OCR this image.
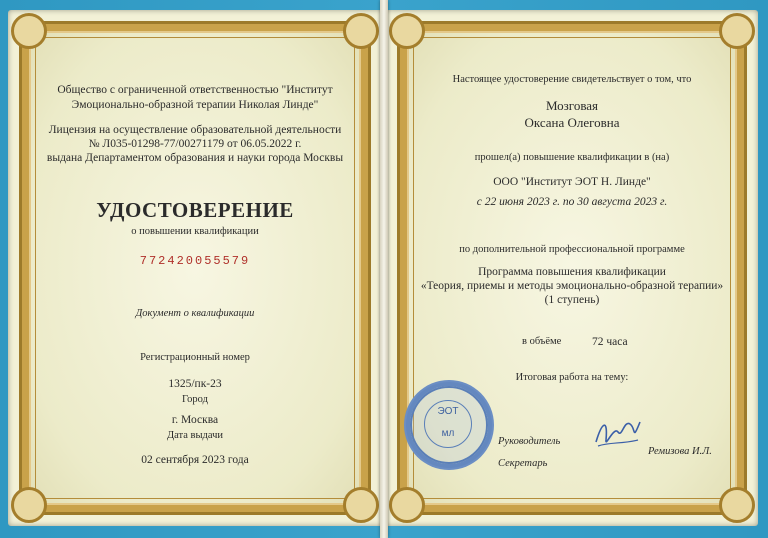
Общество с ограниченной ответственностью "Институт
Эмоционально-образной терапии Николая Линде"
Лицензия на осуществление образовательной деятельности
№ Л035-01298-77/00271179 от 06.05.2022 г.
выдана Департаментом образования и науки города Москвы
УДОСТОВЕРЕНИЕ
о повышении квалификации
772420055579
Документ о квалификации
Регистрационный номер
1325/пк-23
Город
г. Москва
Дата выдачи
02 сентября 2023 года
Настоящее удостоверение свидетельствует о том, что
Мозговая
Оксана Олеговна
прошел(а) повышение квалификации в (на)
ООО "Институт ЭОТ Н. Линде"
с 22 июня 2023 г. по 30 августа 2023 г.
по дополнительной профессиональной программе
Программа повышения квалификации
«Теория, приемы и методы эмоционально-образной терапии»
(1 ступень)
в объёме	72 часа
Итоговая работа на тему:
Руководитель
Секретарь
Ремизова И.Л.
ЭОТ
мл
